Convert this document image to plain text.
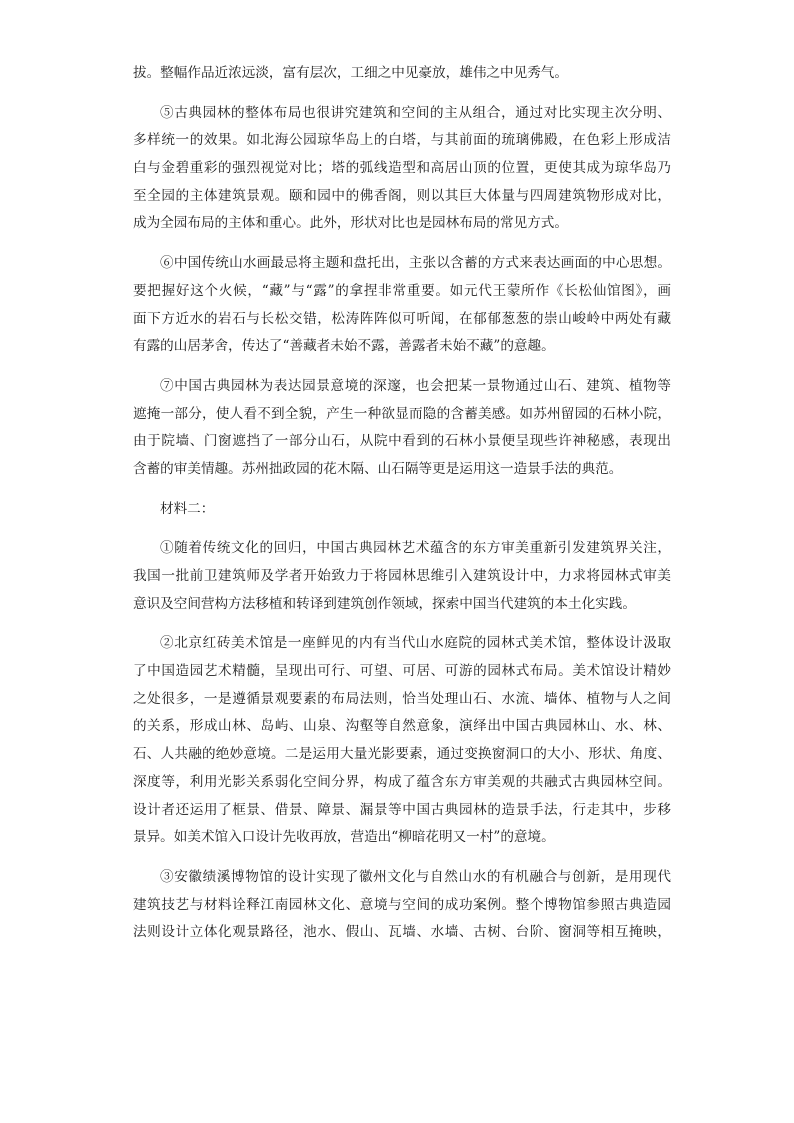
拔。整幅作品近浓远淡，富有层次，工细之中见豪放，雄伟之中见秀气。
⑤古典园林的整体布局也很讲究建筑和空间的主从组合，通过对比实现主次分明、
多样统一的效果。如北海公园琼华岛上的白塔，与其前面的琉璃佛殿，在色彩上形成洁
白与金碧重彩的强烈视觉对比；塔的弧线造型和高居山顶的位置，更使其成为琼华岛乃
至全园的主体建筑景观。颐和园中的佛香阁，则以其巨大体量与四周建筑物形成对比，
成为全园布局的主体和重心。此外，形状对比也是园林布局的常见方式。
⑥中国传统山水画最忌将主题和盘托出，主张以含蓄的方式来表达画面的中心思想。
要把握好这个火候，“藏”与“露”的拿捏非常重要。如元代王蒙所作《长松仙馆图》，画
面下方近水的岩石与长松交错，松涛阵阵似可听闻，在郁郁葱葱的崇山峻岭中两处有藏
有露的山居茅舍，传达了“善藏者未始不露，善露者未始不藏”的意趣。
⑦中国古典园林为表达园景意境的深邃，也会把某一景物通过山石、建筑、植物等
遮掩一部分，使人看不到全貌，产生一种欲显而隐的含蓄美感。如苏州留园的石林小院，
由于院墙、门窗遮挡了一部分山石，从院中看到的石林小景便呈现些许神秘感，表现出
含蓄的审美情趣。苏州拙政园的花木隔、山石隔等更是运用这一造景手法的典范。
材料二：
①随着传统文化的回归，中国古典园林艺术蕴含的东方审美重新引发建筑界关注，
我国一批前卫建筑师及学者开始致力于将园林思维引入建筑设计中，力求将园林式审美
意识及空间营构方法移植和转译到建筑创作领域，探索中国当代建筑的本土化实践。
②北京红砖美术馆是一座鲜见的内有当代山水庭院的园林式美术馆，整体设计汲取
了中国造园艺术精髓，呈现出可行、可望、可居、可游的园林式布局。美术馆设计精妙
之处很多，一是遵循景观要素的布局法则，恰当处理山石、水流、墙体、植物与人之间
的关系，形成山林、岛屿、山泉、沟壑等自然意象，演绎出中国古典园林山、水、林、
石、人共融的绝妙意境。二是运用大量光影要素，通过变换窗洞口的大小、形状、角度、
深度等，利用光影关系弱化空间分界，构成了蕴含东方审美观的共融式古典园林空间。
设计者还运用了框景、借景、障景、漏景等中国古典园林的造景手法，行走其中，步移
景异。如美术馆入口设计先收再放，营造出“柳暗花明又一村”的意境。
③安徽绩溪博物馆的设计实现了徽州文化与自然山水的有机融合与创新，是用现代
建筑技艺与材料诠释江南园林文化、意境与空间的成功案例。整个博物馆参照古典造园
法则设计立体化观景路径，池水、假山、瓦墙、水墙、古树、台阶、窗洞等相互掩映，
